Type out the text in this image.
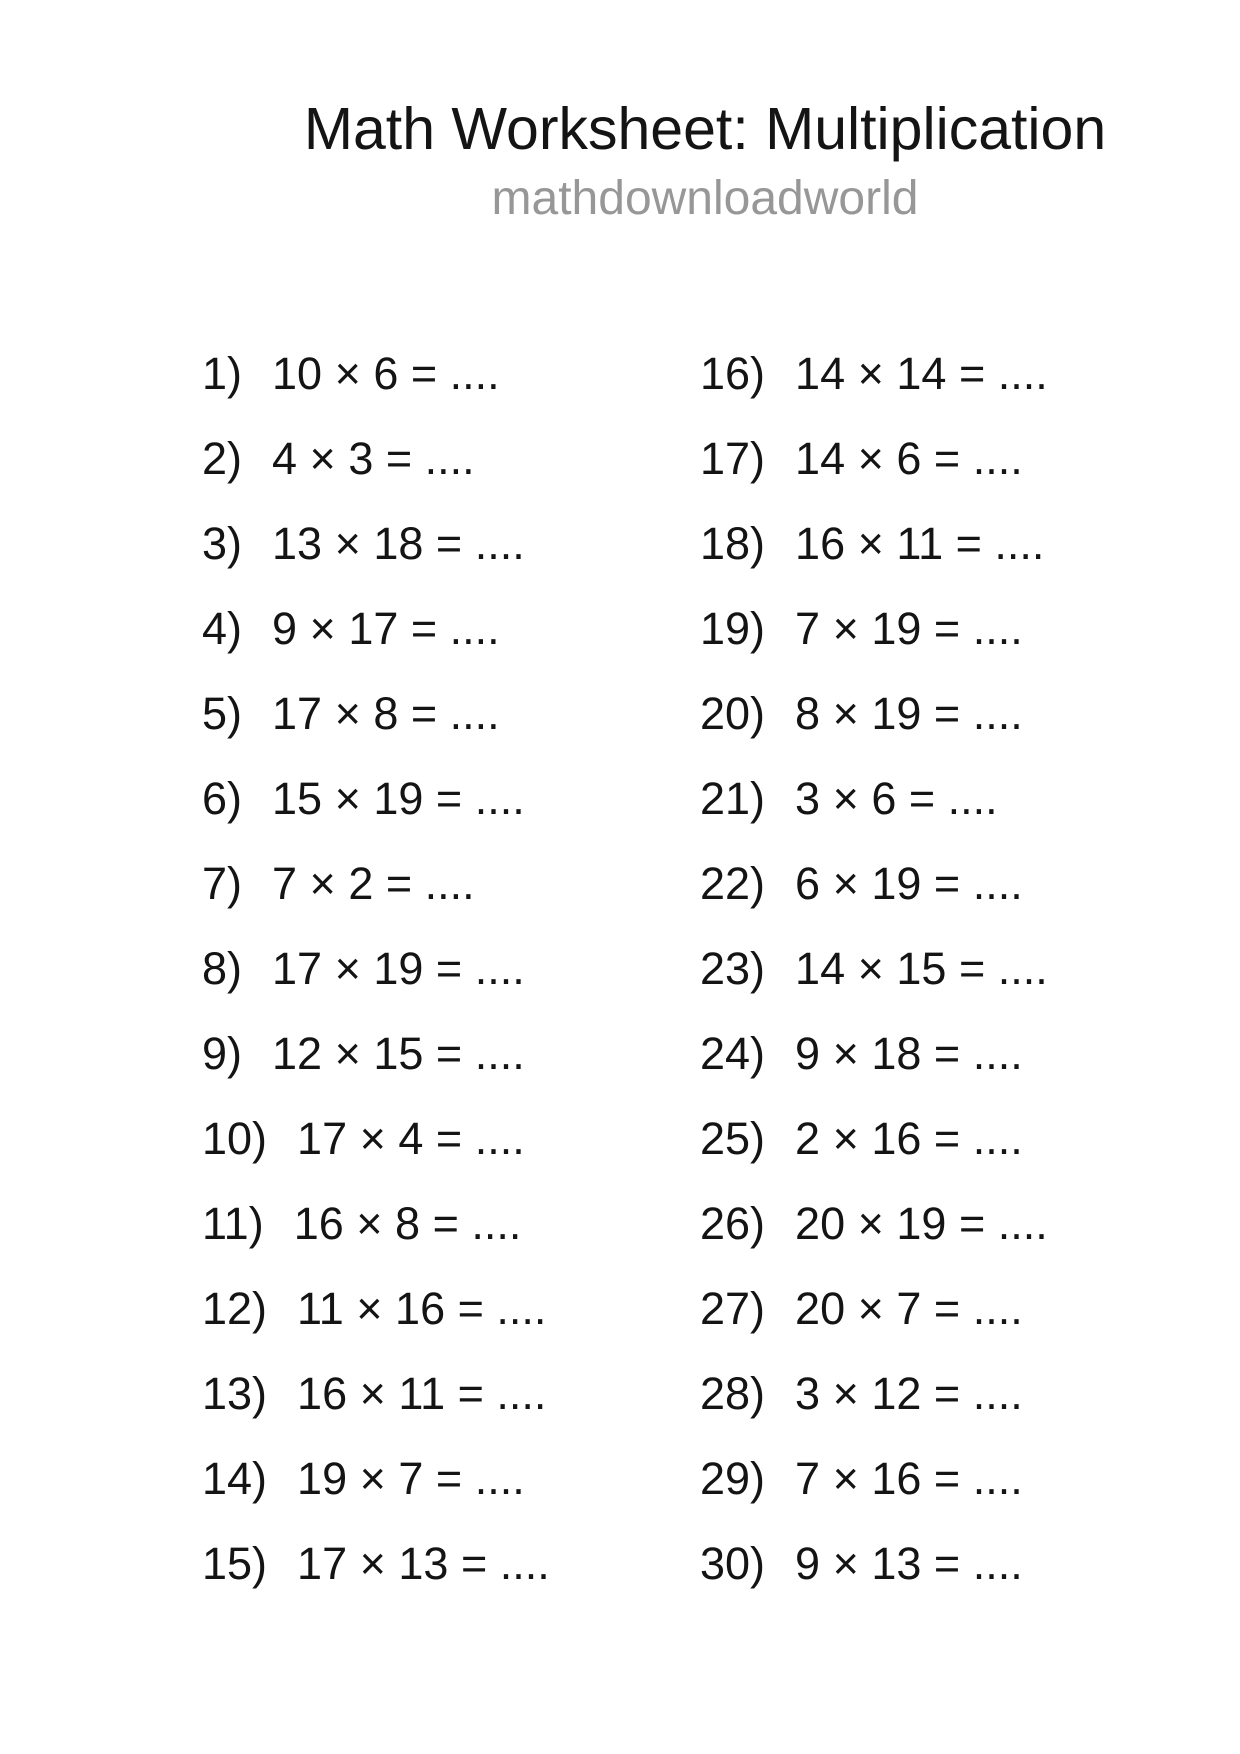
Math Worksheet: Multiplication

mathdownloadworld

1) 10 × 6 = ....
2) 4 × 3 = ....
3) 13 × 18 = ....
4) 9 × 17 = ....
5) 17 × 8 = ....
6) 15 × 19 = ....
7) 7 × 2 = ....
8) 17 × 19 = ....
9) 12 × 15 = ....
10) 17 × 4 = ....
11) 16 × 8 = ....
12) 11 × 16 = ....
13) 16 × 11 = ....
14) 19 × 7 = ....
15) 17 × 13 = ....
16) 14 × 14 = ....
17) 14 × 6 = ....
18) 16 × 11 = ....
19) 7 × 19 = ....
20) 8 × 19 = ....
21) 3 × 6 = ....
22) 6 × 19 = ....
23) 14 × 15 = ....
24) 9 × 18 = ....
25) 2 × 16 = ....
26) 20 × 19 = ....
27) 20 × 7 = ....
28) 3 × 12 = ....
29) 7 × 16 = ....
30) 9 × 13 = ....
